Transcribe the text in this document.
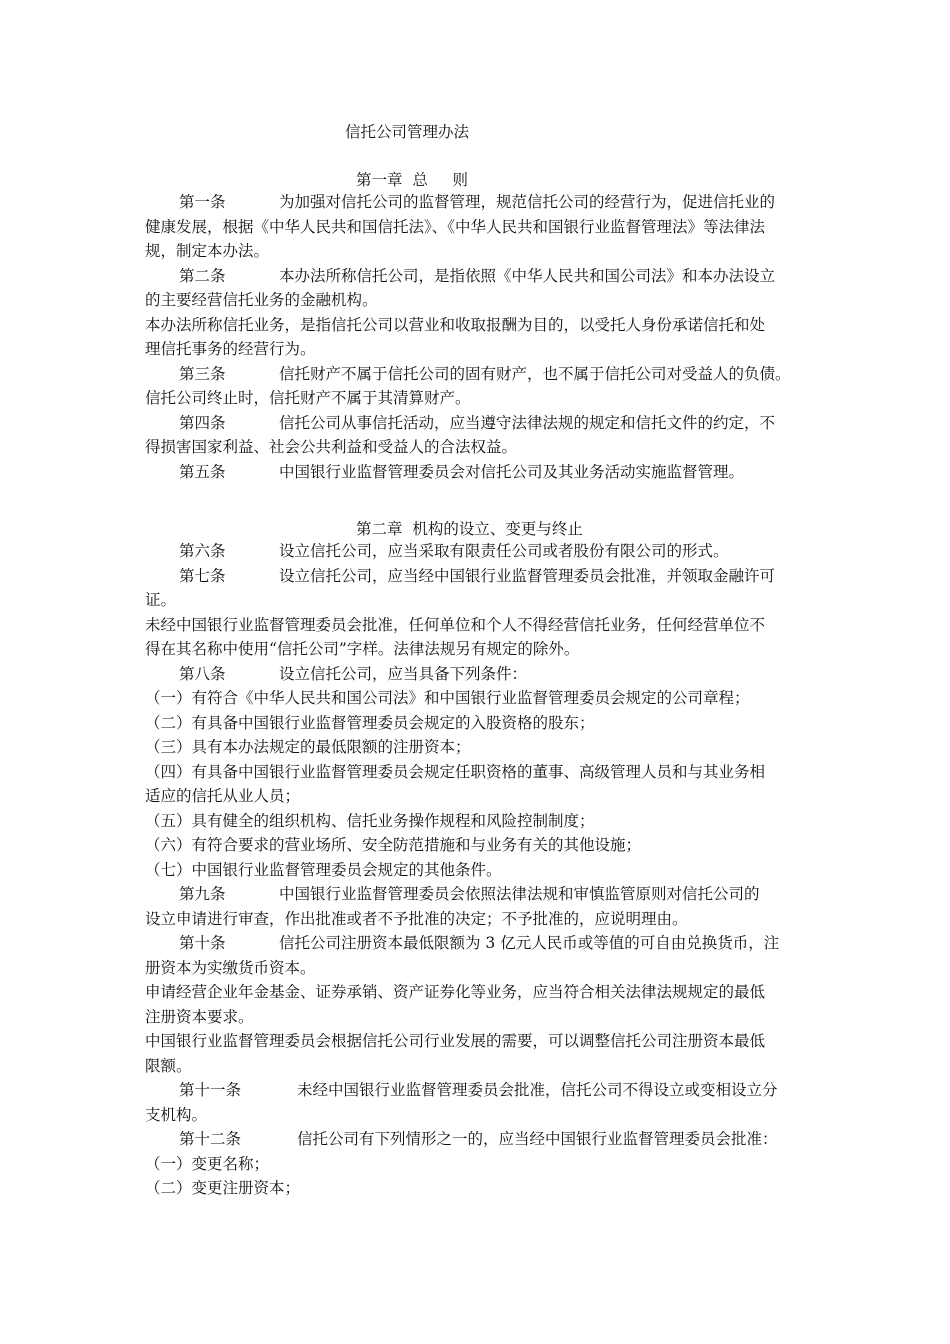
信托公司管理办法
第一章  总     则
第一条	为加强对信托公司的监督管理，规范信托公司的经营行为，促进信托业的
健康发展，根据《中华人民共和国信托法》、《中华人民共和国银行业监督管理法》等法律法
规，制定本办法。
第二条	本办法所称信托公司，是指依照《中华人民共和国公司法》和本办法设立
的主要经营信托业务的金融机构。
本办法所称信托业务，是指信托公司以营业和收取报酬为目的，以受托人身份承诺信托和处
理信托事务的经营行为。
第三条	信托财产不属于信托公司的固有财产，也不属于信托公司对受益人的负债。
信托公司终止时，信托财产不属于其清算财产。
第四条	信托公司从事信托活动，应当遵守法律法规的规定和信托文件的约定，不
得损害国家利益、社会公共利益和受益人的合法权益。
第五条	中国银行业监督管理委员会对信托公司及其业务活动实施监督管理。
第二章  机构的设立、变更与终止
第六条	设立信托公司，应当采取有限责任公司或者股份有限公司的形式。
第七条	设立信托公司，应当经中国银行业监督管理委员会批准，并领取金融许可
证。
未经中国银行业监督管理委员会批准，任何单位和个人不得经营信托业务，任何经营单位不
得在其名称中使用“信托公司”字样。法律法规另有规定的除外。
第八条	设立信托公司，应当具备下列条件：
（一）有符合《中华人民共和国公司法》和中国银行业监督管理委员会规定的公司章程；
（二）有具备中国银行业监督管理委员会规定的入股资格的股东；
（三）具有本办法规定的最低限额的注册资本；
（四）有具备中国银行业监督管理委员会规定任职资格的董事、高级管理人员和与其业务相
适应的信托从业人员；
（五）具有健全的组织机构、信托业务操作规程和风险控制制度；
（六）有符合要求的营业场所、安全防范措施和与业务有关的其他设施；
（七）中国银行业监督管理委员会规定的其他条件。
第九条	中国银行业监督管理委员会依照法律法规和审慎监管原则对信托公司的
设立申请进行审查，作出批准或者不予批准的决定；不予批准的，应说明理由。
第十条	信托公司注册资本最低限额为 3 亿元人民币或等值的可自由兑换货币，注
册资本为实缴货币资本。
申请经营企业年金基金、证券承销、资产证券化等业务，应当符合相关法律法规规定的最低
注册资本要求。
中国银行业监督管理委员会根据信托公司行业发展的需要，可以调整信托公司注册资本最低
限额。
第十一条	未经中国银行业监督管理委员会批准，信托公司不得设立或变相设立分
支机构。
第十二条	信托公司有下列情形之一的，应当经中国银行业监督管理委员会批准：
（一）变更名称；
（二）变更注册资本；
